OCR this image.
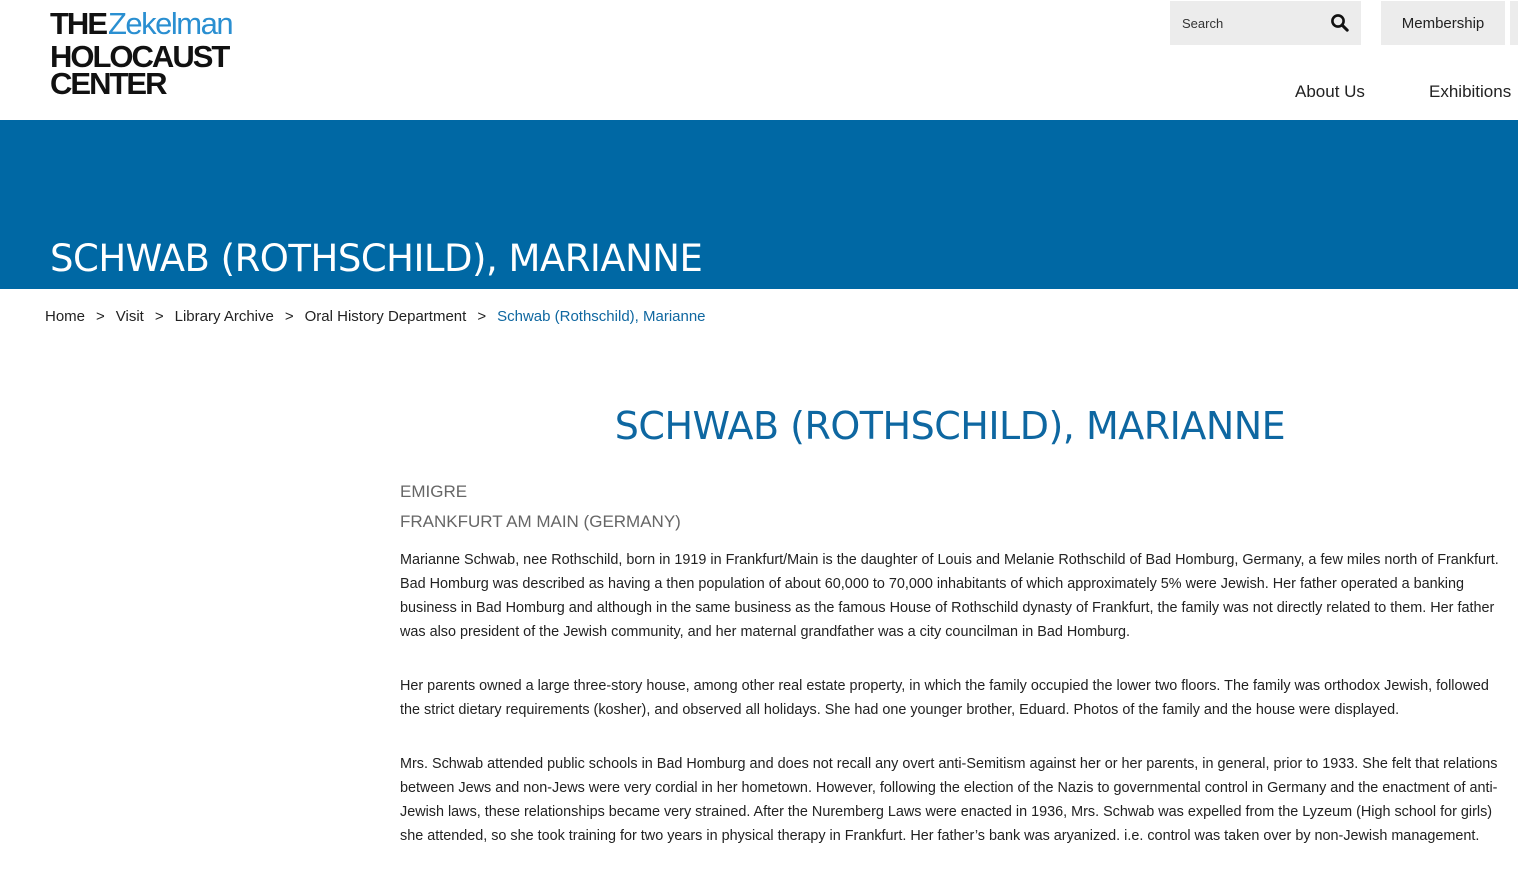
THEZekelman
HOLOCAUST
CENTER
Search
Membership
About Us	Exhibitions
SCHWAB (ROTHSCHILD), MARIANNE
Home > Visit > Library Archive > Oral History Department > Schwab (Rothschild), Marianne
SCHWAB (ROTHSCHILD), MARIANNE
EMIGRE
FRANKFURT AM MAIN (GERMANY)

Marianne Schwab, nee Rothschild, born in 1919 in Frankfurt/Main is the daughter of Louis and Melanie Rothschild of Bad Homburg, Germany, a few miles north of Frankfurt. Bad Homburg was described as having a then population of about 60,000 to 70,000 inhabitants of which approximately 5% were Jewish. Her father operated a banking business in Bad Homburg and although in the same business as the famous House of Rothschild dynasty of Frankfurt, the family was not directly related to them. Her father was also president of the Jewish community, and her maternal grandfather was a city councilman in Bad Homburg.

Her parents owned a large three-story house, among other real estate property, in which the family occupied the lower two floors. The family was orthodox Jewish, followed the strict dietary requirements (kosher), and observed all holidays. She had one younger brother, Eduard. Photos of the family and the house were displayed.

Mrs. Schwab attended public schools in Bad Homburg and does not recall any overt anti-Semitism against her or her parents, in general, prior to 1933. She felt that relations between Jews and non-Jews were very cordial in her hometown. However, following the election of the Nazis to governmental control in Germany and the enactment of anti-Jewish laws, these relationships became very strained. After the Nuremberg Laws were enacted in 1936, Mrs. Schwab was expelled from the Lyzeum (High school for girls) she attended, so she took training for two years in physical therapy in Frankfurt. Her father’s bank was aryanized. i.e. control was taken over by non-Jewish management.
